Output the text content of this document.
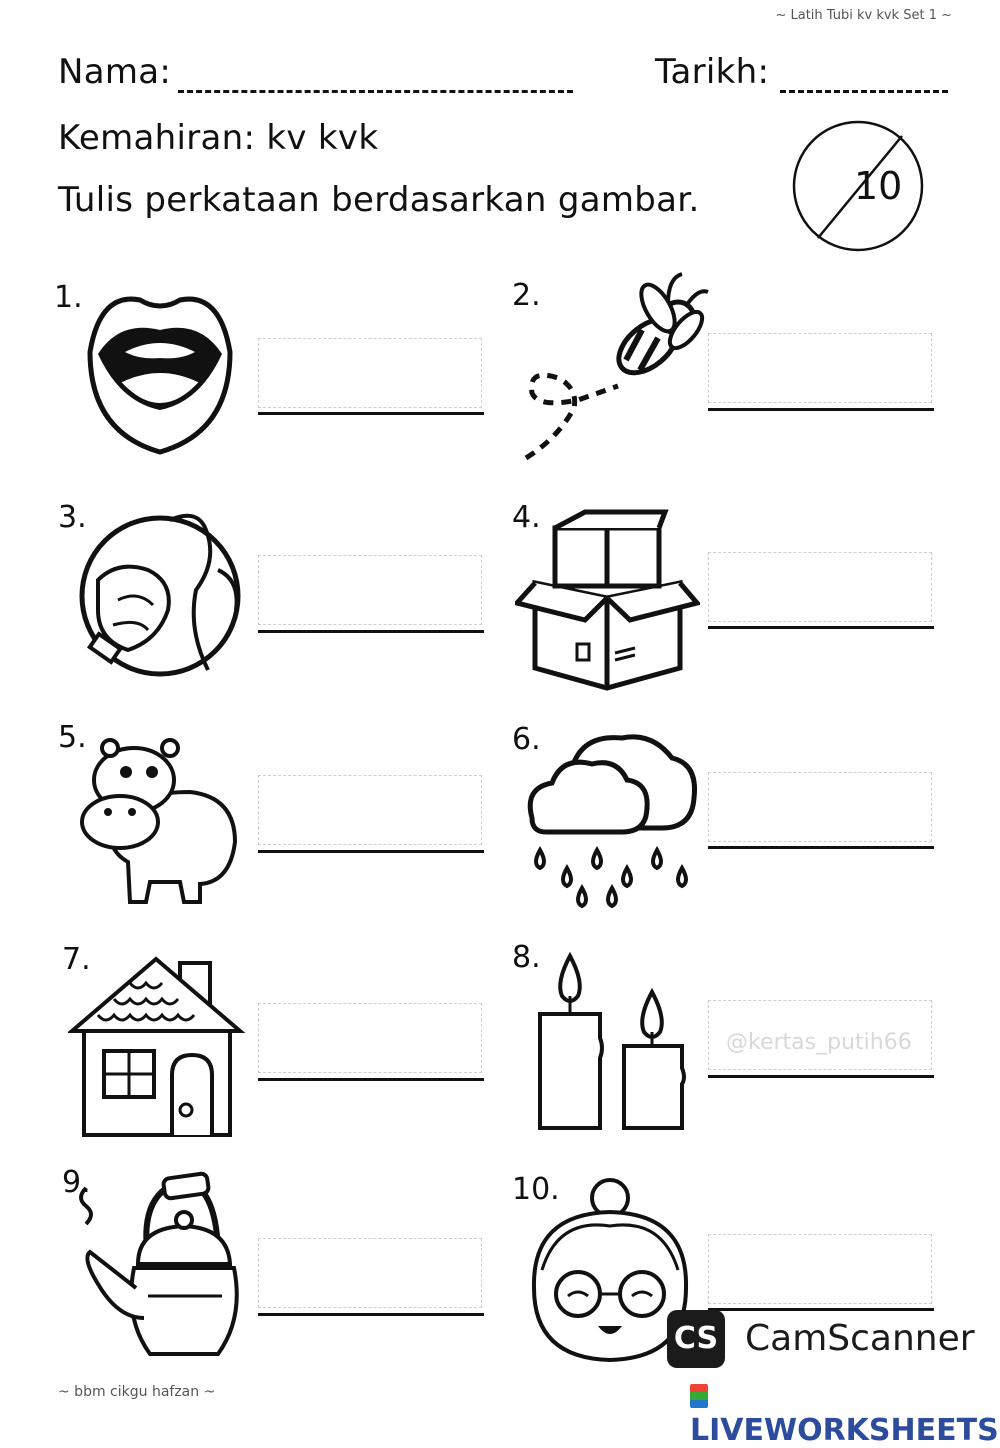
~ Latih Tubi kv kvk Set 1 ~
Nama:	Tarikh:
Kemahiran: kv kvk
Tulis perkataan berdasarkan gambar.	10
1.	2.
3.	4.
5.	6.
7.	8.
9.	10.
@kertas_putih66
~ bbm cikgu hafzan ~
CS CamScanner
LIVEWORKSHEETS
